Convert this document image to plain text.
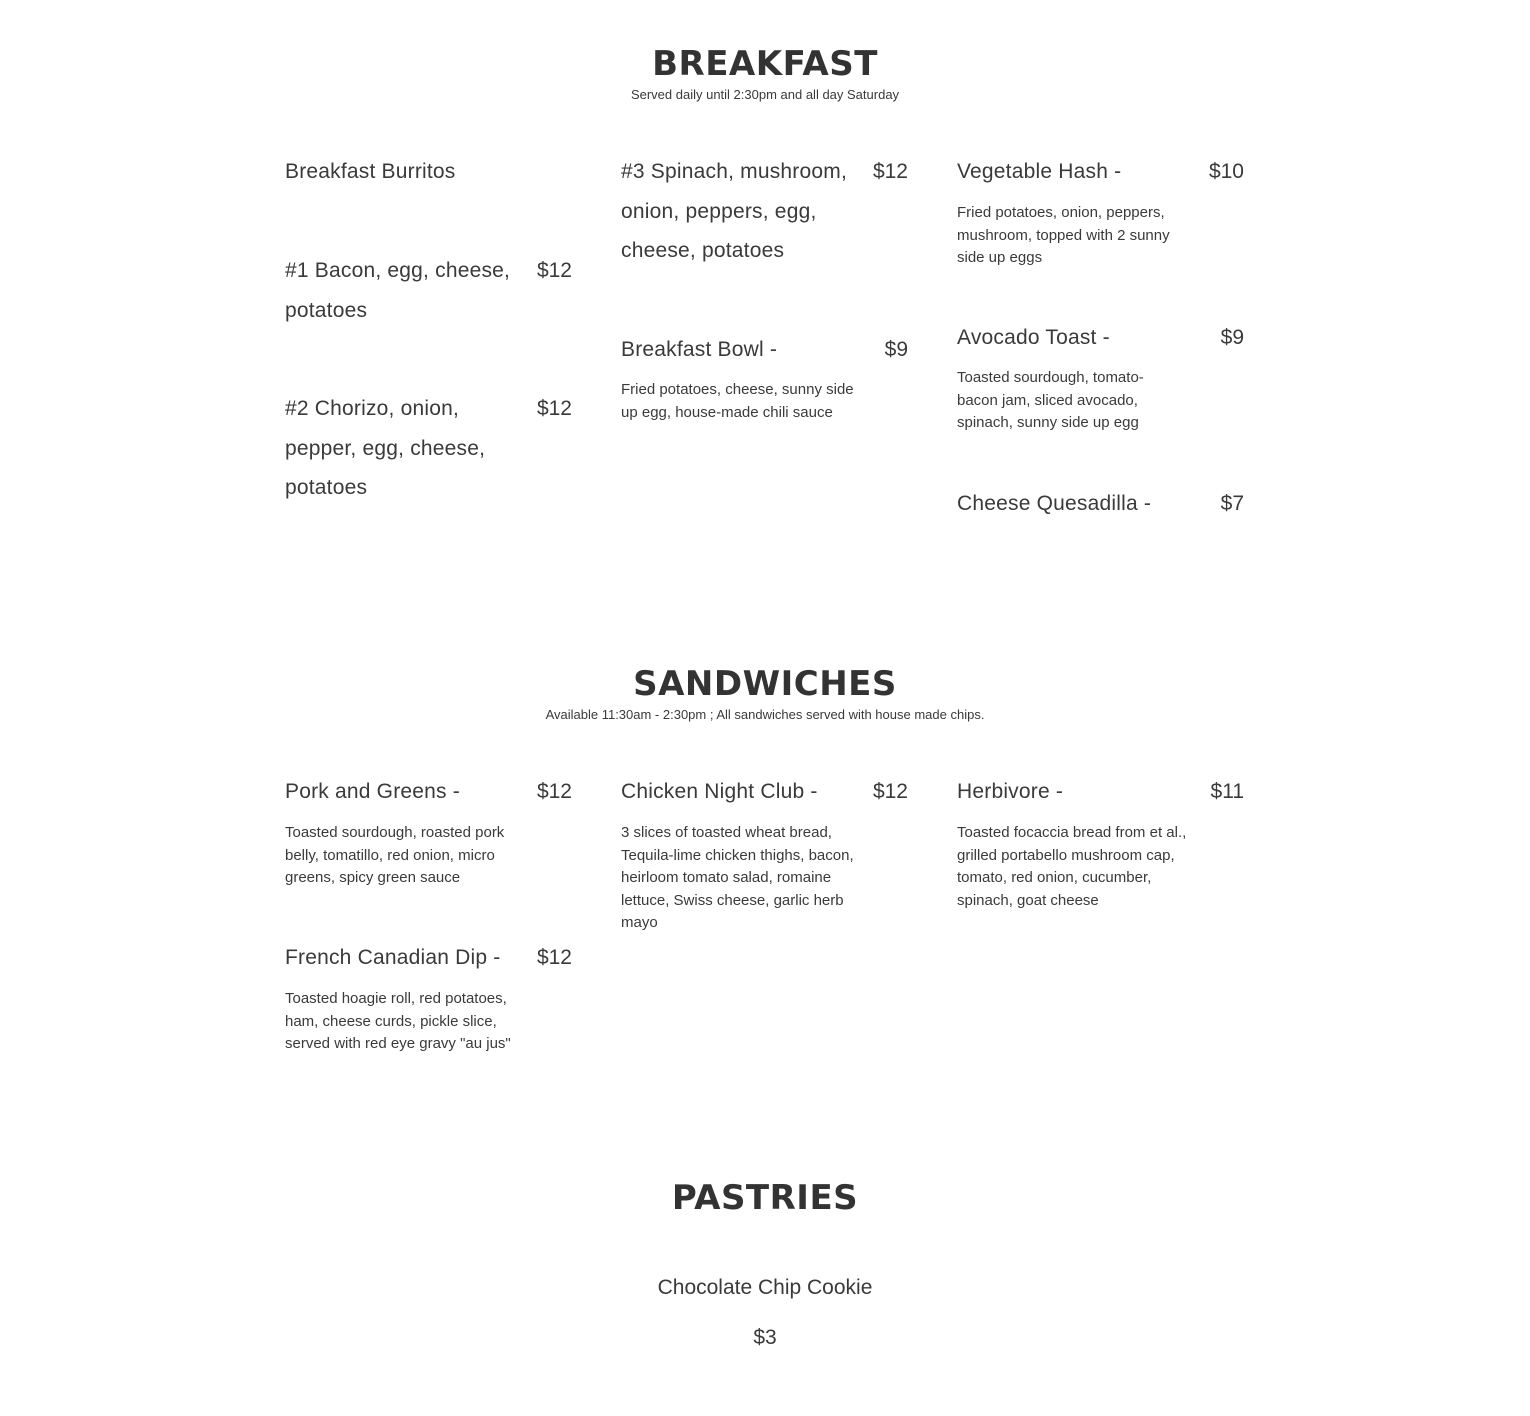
BREAKFAST
Served daily until 2:30pm and all day Saturday
Breakfast Burritos
#1 Bacon, egg, cheese, potatoes
$12
#2 Chorizo, onion, pepper, egg, cheese, potatoes
$12
#3 Spinach, mushroom, onion, peppers, egg, cheese, potatoes
$12
Breakfast Bowl -	$9
Fried potatoes, cheese, sunny side up egg, house-made chili sauce
Vegetable Hash -	$10
Fried potatoes, onion, peppers, mushroom, topped with 2 sunny side up eggs
Avocado Toast -	$9
Toasted sourdough, tomato-bacon jam, sliced avocado, spinach, sunny side up egg
Cheese Quesadilla -	$7
SANDWICHES
Available 11:30am - 2:30pm ; All sandwiches served with house made chips.
Pork and Greens -	$12
Toasted sourdough, roasted pork belly, tomatillo, red onion, micro greens, spicy green sauce
French Canadian Dip -	$12
Toasted hoagie roll, red potatoes, ham, cheese curds, pickle slice, served with red eye gravy "au jus"
Chicken Night Club -	$12
3 slices of toasted wheat bread, Tequila-lime chicken thighs, bacon, heirloom tomato salad, romaine lettuce, Swiss cheese, garlic herb mayo
Herbivore -	$11
Toasted focaccia bread from et al., grilled portabello mushroom cap, tomato, red onion, cucumber, spinach, goat cheese
PASTRIES
Chocolate Chip Cookie
$3
